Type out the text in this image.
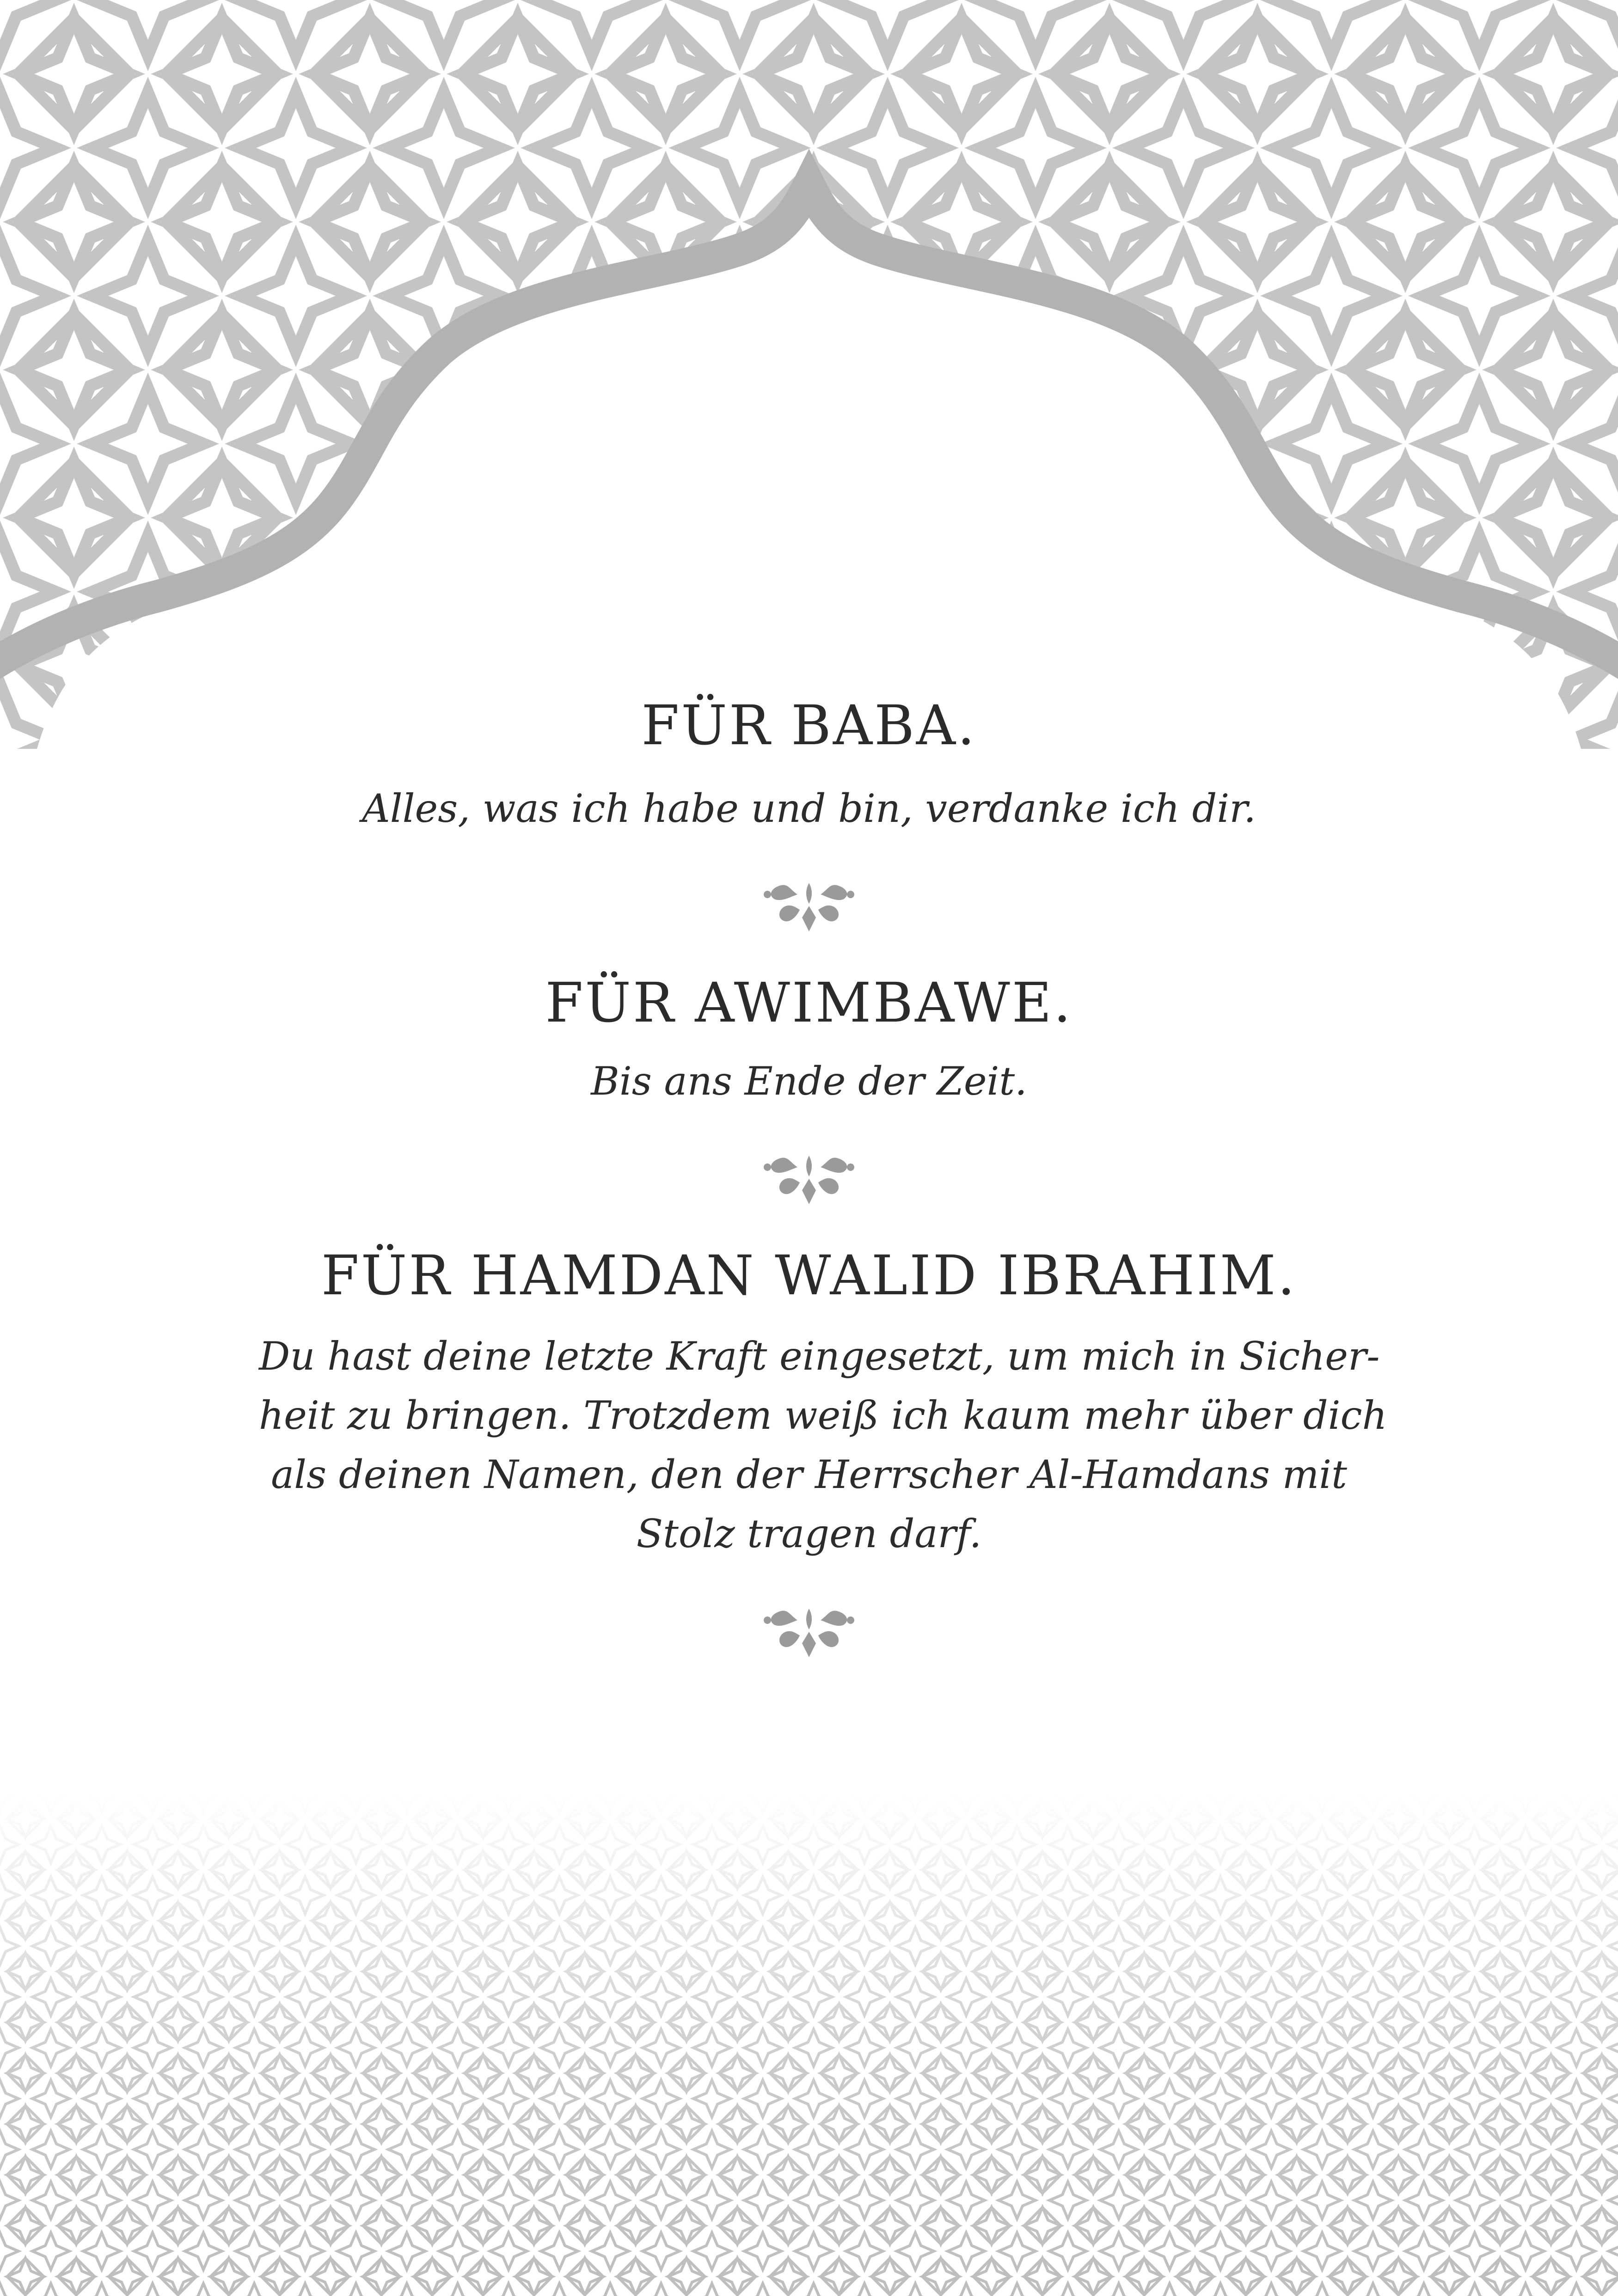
FÜR BABA.
Alles, was ich habe und bin, verdanke ich dir.
FÜR AWIMBAWE.
Bis ans Ende der Zeit.
FÜR HAMDAN WALID IBRAHIM.
Du hast deine letzte Kraft eingesetzt, um mich in Sicher-
heit zu bringen. Trotzdem weiß ich kaum mehr über dich
als deinen Namen, den der Herrscher Al-Hamdans mit
Stolz tragen darf.
